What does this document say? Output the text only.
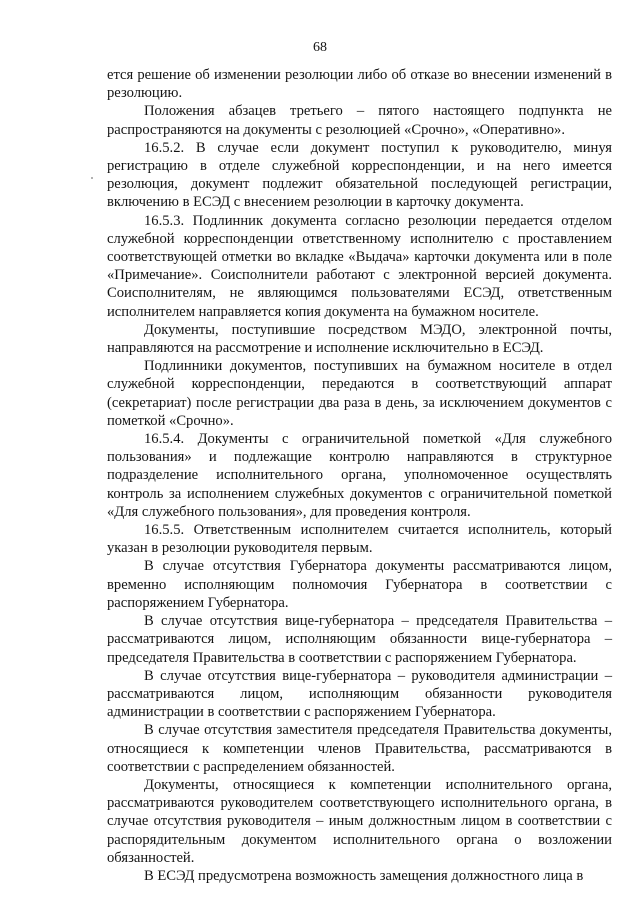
68

ется решение об изменении резолюции либо об отказе во внесении изменений в резолюцию.

Положения абзацев третьего – пятого настоящего подпункта не распространяются на документы с резолюцией «Срочно», «Оперативно».

16.5.2. В случае если документ поступил к руководителю, минуя регистрацию в отделе служебной корреспонденции, и на него имеется резолюция, документ подлежит обязательной последующей регистрации, включению в ЕСЭД с внесением резолюции в карточку документа.

16.5.3. Подлинник документа согласно резолюции передается отделом служебной корреспонденции ответственному исполнителю с проставлением соответствующей отметки во вкладке «Выдача» карточки документа или в поле «Примечание». Соисполнители работают с электронной версией документа. Соисполнителям, не являющимся пользователями ЕСЭД, ответственным исполнителем направляется копия документа на бумажном носителе.

Документы, поступившие посредством МЭДО, электронной почты, направляются на рассмотрение и исполнение исключительно в ЕСЭД.

Подлинники документов, поступивших на бумажном носителе в отдел служебной корреспонденции, передаются в соответствующий аппарат (секретариат) после регистрации два раза в день, за исключением документов с пометкой «Срочно».

16.5.4. Документы с ограничительной пометкой «Для служебного пользования» и подлежащие контролю направляются в структурное подразделение исполнительного органа, уполномоченное осуществлять контроль за исполнением служебных документов с ограничительной пометкой «Для служебного пользования», для проведения контроля.

16.5.5. Ответственным исполнителем считается исполнитель, который указан в резолюции руководителя первым.

В случае отсутствия Губернатора документы рассматриваются лицом, временно исполняющим полномочия Губернатора в соответствии с распоряжением Губернатора.

В случае отсутствия вице-губернатора – председателя Правительства – рассматриваются лицом, исполняющим обязанности вице-губернатора – председателя Правительства в соответствии с распоряжением Губернатора.

В случае отсутствия вице-губернатора – руководителя администрации – рассматриваются лицом, исполняющим обязанности руководителя администрации в соответствии с распоряжением Губернатора.

В случае отсутствия заместителя председателя Правительства документы, относящиеся к компетенции членов Правительства, рассматриваются в соответствии с распределением обязанностей.

Документы, относящиеся к компетенции исполнительного органа, рассматриваются руководителем соответствующего исполнительного органа, в случае отсутствия руководителя – иным должностным лицом в соответствии с распорядительным документом исполнительного органа о возложении обязанностей.

В ЕСЭД предусмотрена возможность замещения должностного лица в
